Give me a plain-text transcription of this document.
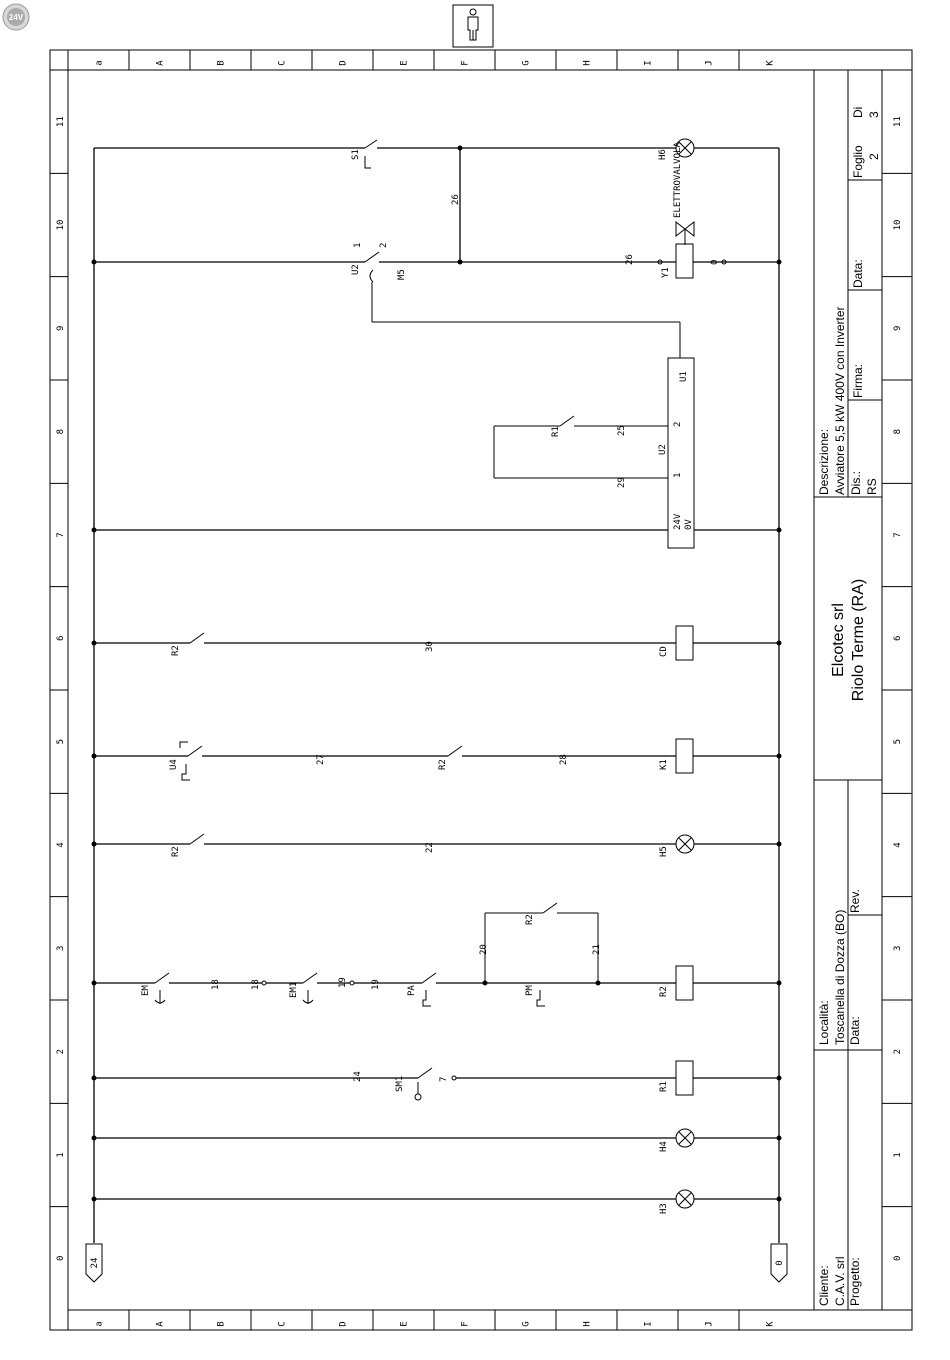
24V
a
a
A
A
B
B
C
C
D
D
E
E
F
F
G
G
H
H
I
I
J
J
K
K
0	0
1	1
2	2
3	3
4	4
5	5
6	6
7	7
8	8
9	9
10	10
11	11
24	0
S1
26
H6 ELETTROVALVOLA
U2	M5
1 2
26
Y1
0
U1
2
1
24V 0V
U2
R1	25
29
R2	30	CD
U4	27	R2	28	K1
R2	22	H5
EM
18	18	EM1	19	19
PA
R2
20	21
PM	R2
24	7
SM1	R1
H4
H3
Descrizione: Avviatore 5,5 kW 400V con Inverter
Foglio 2
Di 3
Data:
Firma:
Dis.: RS
Elcotec srl Riolo Terme (RA)
Località: Toscanella di Dozza (BO) Data:
Rev.
Cliente: C.A.V. srl Progetto:
